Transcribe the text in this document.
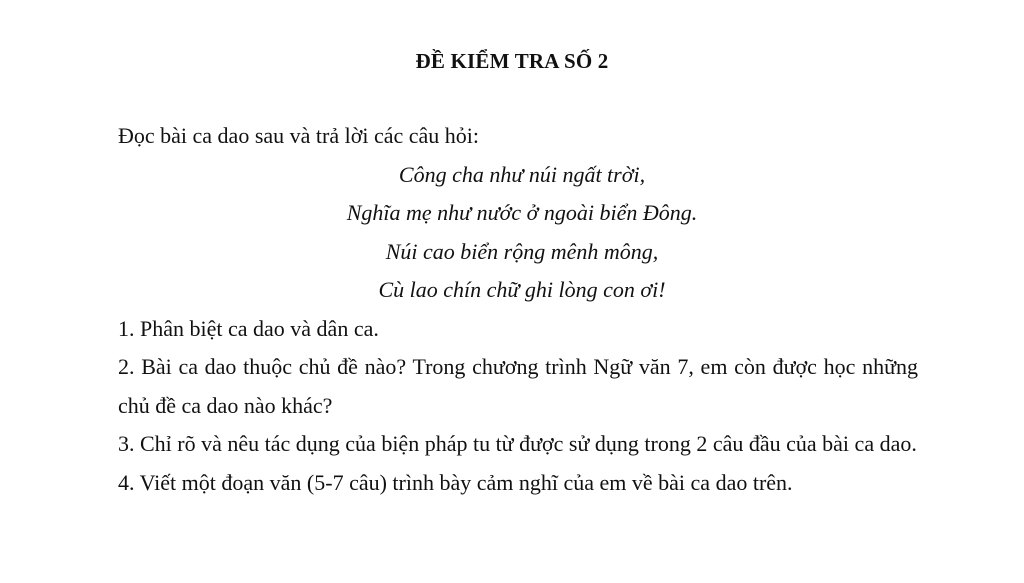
ĐỀ KIỂM TRA SỐ 2

Đọc bài ca dao sau và trả lời các câu hỏi:

Công cha như núi ngất trời,
Nghĩa mẹ như nước ở ngoài biển Đông.
Núi cao biển rộng mênh mông,
Cù lao chín chữ ghi lòng con ơi!
1. Phân biệt ca dao và dân ca.
2. Bài ca dao thuộc chủ đề nào? Trong chương trình Ngữ văn 7, em còn được học những chủ đề ca dao nào khác?
3. Chỉ rõ và nêu tác dụng của biện pháp tu từ được sử dụng trong 2 câu đầu của bài ca dao.
4. Viết một đoạn văn (5-7 câu) trình bày cảm nghĩ của em về bài ca dao trên.
